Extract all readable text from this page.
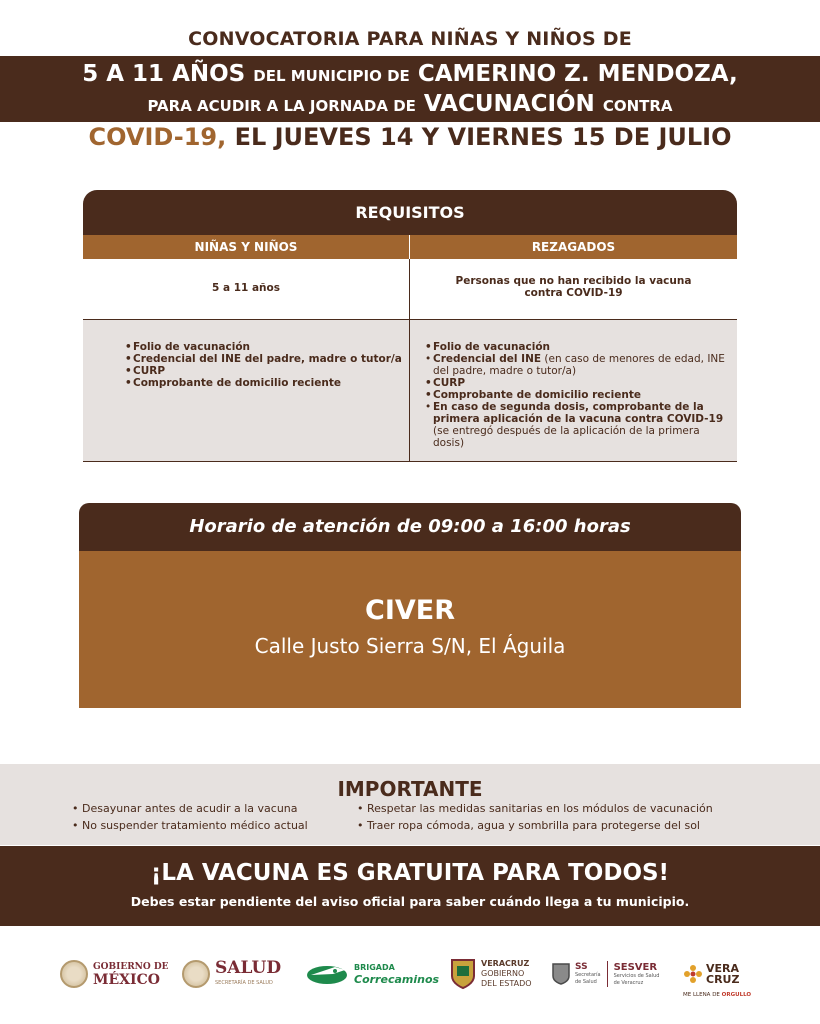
CONVOCATORIA PARA NIÑAS Y NIÑOS DE
5 A 11 AÑOS DEL MUNICIPIO DE CAMERINO Z. MENDOZA,
PARA ACUDIR A LA JORNADA DE VACUNACIÓN CONTRA
COVID-19, EL JUEVES 14 Y VIERNES 15 DE JULIO
REQUISITOS
NIÑAS Y NIÑOS	REZAGADOS
5 a 11 años
Personas que no han recibido la vacuna
contra COVID-19
• Folio de vacunación
• Credencial del INE del padre, madre o tutor/a
• CURP
• Comprobante de domicilio reciente
• Folio de vacunación
• Credencial del INE (en caso de menores de edad, INE del padre, madre o tutor/a)
• CURP
• Comprobante de domicilio reciente
• En caso de segunda dosis, comprobante de la primera aplicación de la vacuna contra COVID-19 (se entregó después de la aplicación de la primera dosis)
Horario de atención de 09:00 a 16:00 horas
CIVER
Calle Justo Sierra S/N, El Águila
IMPORTANTE
• Desayunar antes de acudir a la vacuna
• No suspender tratamiento médico actual
• Respetar las medidas sanitarias en los módulos de vacunación
• Traer ropa cómoda, agua y sombrilla para protegerse del sol
¡LA VACUNA ES GRATUITA PARA TODOS!
Debes estar pendiente del aviso oficial para saber cuándo llega a tu municipio.
GOBIERNO DE
MÉXICO
SALUD
SECRETARÍA DE SALUD
BRIGADA
Correcaminos
VERACRUZ
GOBIERNO
DEL ESTADO
SS
Secretaría
de Salud
SESVER
Servicios de Salud
de Veracruz
VERA
CRUZ
ME LLENA DE ORGULLO
